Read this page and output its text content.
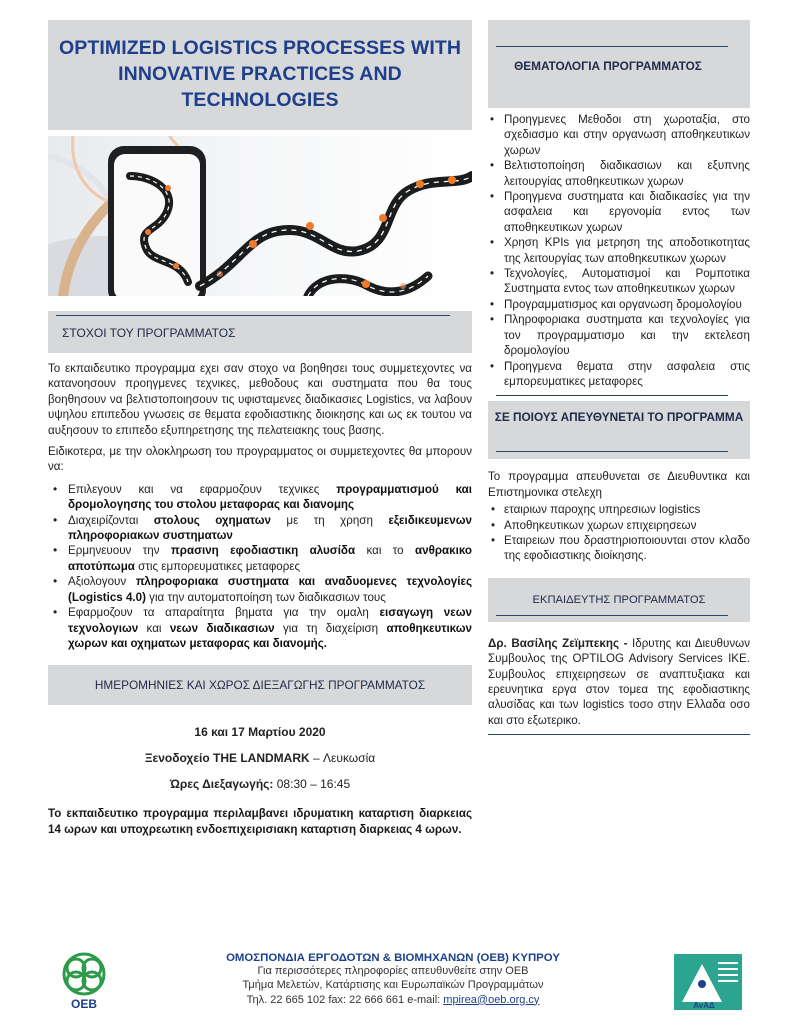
OPTIMIZED LOGISTICS PROCESSES WITH INNOVATIVE PRACTICES AND TECHNOLOGIES
ΣΤΟΧΟΙ ΤΟΥ ΠΡΟΓΡΑΜΜΑΤΟΣ

Το εκπαιδευτικο προγραμμα εχει σαν στοχο να βοηθησει τους συμμετεχοντες να κατανοησουν προηγμενες τεχνικες, μεθοδους και συστηματα που θα τους βοηθησουν να βελτιστοποιησουν τις υφισταμενες διαδικασιες Logistics, να λαβουν υψηλου επιπεδου γνωσεις σε θεματα εφοδιαστικης διοικησης και ως εκ τουτου να αυξησουν το επιπεδο εξυπηρετησης της πελατειακης τους βασης.

Ειδικοτερα, με την ολοκληρωση του προγραμματος οι συμμετεχοντες θα μπορουν να:

• Επιλεγουν και να εφαρμοζουν τεχνικες προγραμματισμού και δρομολογησης του στολου μεταφορας και διανομης
• Διαχειρίζονται στολους οχηματων με τη χρηση εξειδικευμενων πληροφοριακων συστηματων
• Ερμηνευουν την πρασινη εφοδιαστικη αλυσίδα και το ανθρακικο αποτύπωμα στις εμπορευματικες μεταφορες
• Αξιολογουν πληροφοριακα συστηματα και αναδυομενες τεχνολογίες (Logistics 4.0) για την αυτοματοποίηση των διαδικασιων τους
• Εφαρμοζουν τα απαραίτητα βηματα για την ομαλη εισαγωγη νεων τεχνολογιων και νεων διαδικασιων για τη διαχείριση αποθηκευτικων χωρων και οχηματων μεταφορας και διανομής.
ΗΜΕΡΟΜΗΝΙΕΣ ΚΑΙ ΧΩΡΟΣ ΔΙΕΞΑΓΩΓΗΣ ΠΡΟΓΡΑΜΜΑΤΟΣ
16 και 17 Μαρτίου 2020
Ξενοδοχείο THE LANDMARK – Λευκωσία
Ώρες Διεξαγωγής: 08:30 – 16:45

Το εκπαιδευτικο προγραμμα περιλαμβανει ιδρυματικη καταρτιση διαρκειας 14 ωρων και υποχρεωτικη ενδοεπιχειρισιακη καταρτιση διαρκειας 4 ωρων.

ΘΕΜΑΤΟΛΟΓΙΑ ΠΡΟΓΡΑΜΜΑΤΟΣ
• Προηγμενες Μεθοδοι στη χωροταξία, στο σχεδιασμο και στην οργανωση αποθηκευτικων χωρων
• Βελτιστοποίηση διαδικασιων και εξυπνης λειτουργίας αποθηκευτικων χωρων
• Προηγμενα συστηματα και διαδικασίες για την ασφαλεια και εργονομία εντος των αποθηκευτικων χωρων
• Χρηση KPIs για μετρηση της αποδοτικοτητας της λειτουργίας των αποθηκευτικων χωρων
• Τεχνολογίες, Αυτοματισμοί και Ρομποτικα Συστηματα εντος των αποθηκευτικων χωρων
• Προγραμματισμος και οργανωση δρομολογίου
• Πληροφοριακα συστηματα και τεχνολογίες για τον προγραμματισμο και την εκτελεση δρομολογίου
• Προηγμενα θεματα στην ασφαλεια στις εμπορευματικες μεταφορες
ΣΕ ΠΟΙΟΥΣ ΑΠΕΥΘΥΝΕΤΑΙ ΤΟ ΠΡΟΓΡΑΜΜΑ

Το προγραμμα απευθυνεται σε Διευθυντικα και Επιστημονικα στελεχη

• εταιριων παροχης υπηρεσιων logistics
• Αποθηκευτικων χωρων επιχειρησεων
• Εταιρειων που δραστηριοποιουνται στον κλαδο της εφοδιαστικης διοίκησης.
ΕΚΠΑΙΔΕΥΤΗΣ ΠΡΟΓΡΑΜΜΑΤΟΣ

Δρ. Βασίλης Ζεϊμπεκης - Ιδρυτης και Διευθυνων Συμβουλος της OPTILOG Advisory Services ΙΚΕ. Συμβουλος επιχειρησεων σε αναπτυξιακα και ερευνητικα εργα στον τομεα της εφοδιαστικης αλυσίδας και των logistics τοσο στην Ελλαδα οσο και στο εξωτερικο.

ΟΕΒ
ΟΜΟΣΠΟΝΔΙΑ ΕΡΓΟΔΟΤΩΝ & ΒΙΟΜΗΧΑΝΩΝ (ΟΕΒ) ΚΥΠΡΟΥ
Για περισσότερες πληροφορίες απευθυνθείτε στην ΟΕΒ
Τμήμα Μελετών, Κατάρτισης και Ευρωπαϊκών Προγραμμάτων
Τηλ. 22 665 102 fax: 22 666 661 e-mail: mpirea@oeb.org.cy	ΑνΑΔ
